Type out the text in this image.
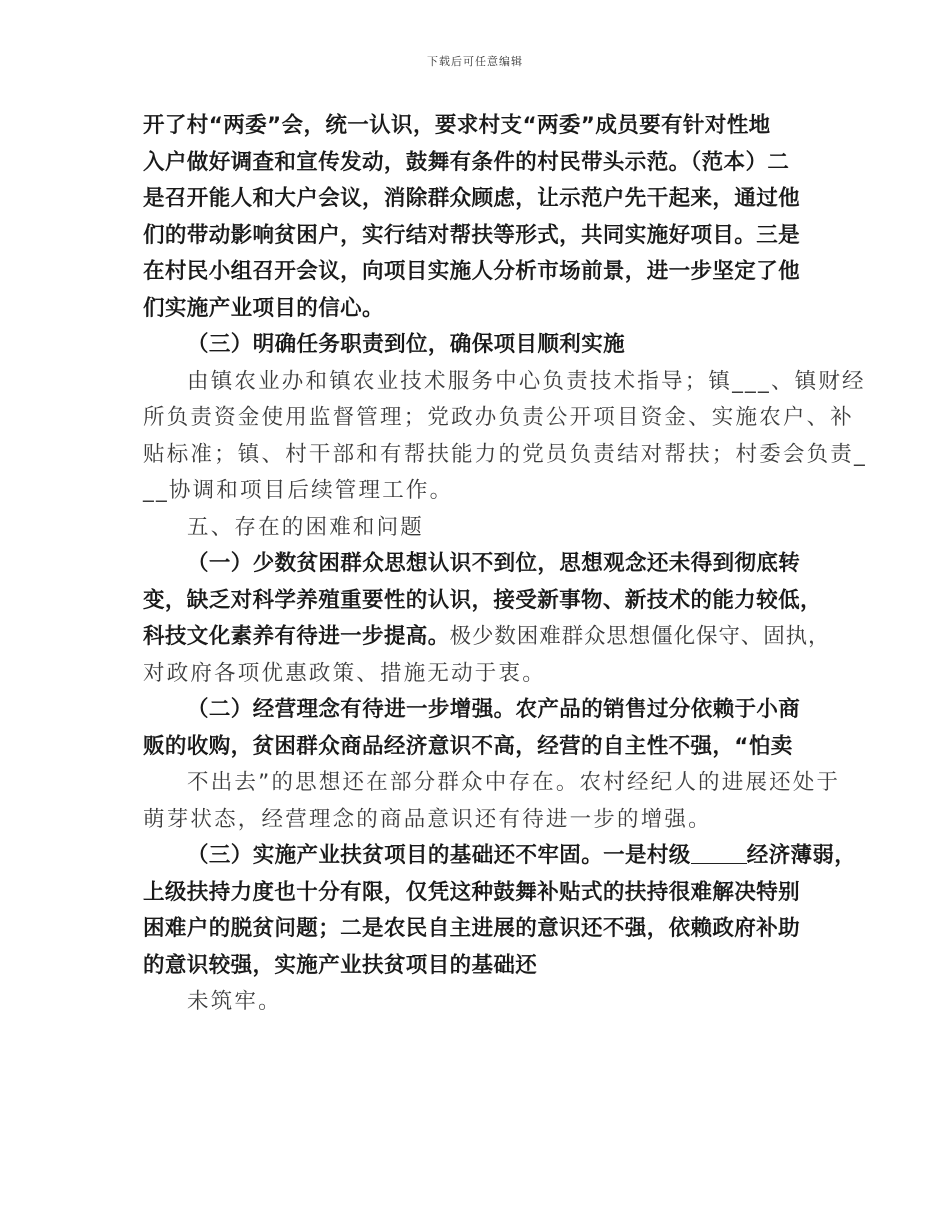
下载后可任意编辑
开了村“两委”会，统一认识，要求村支“两委”成员要有针对性地
入户做好调查和宣传发动，鼓舞有条件的村民带头示范。（范本）二
是召开能人和大户会议，消除群众顾虑，让示范户先干起来，通过他
们的带动影响贫困户，实行结对帮扶等形式，共同实施好项目。三是
在村民小组召开会议，向项目实施人分析市场前景，进一步坚定了他
们实施产业项目的信心。
（三）明确任务职责到位，确保项目顺利实施
由镇农业办和镇农业技术服务中心负责技术指导；镇___、镇财经
所负责资金使用监督管理；党政办负责公开项目资金、实施农户、补
贴标准；镇、村干部和有帮扶能力的党员负责结对帮扶；村委会负责_
__协调和项目后续管理工作。
五、存在的困难和问题
（一）少数贫困群众思想认识不到位，思想观念还未得到彻底转
变，缺乏对科学养殖重要性的认识，接受新事物、新技术的能力较低，
科技文化素养有待进一步提高。极少数困难群众思想僵化保守、固执，
对政府各项优惠政策、措施无动于衷。
（二）经营理念有待进一步增强。农产品的销售过分依赖于小商
贩的收购，贫困群众商品经济意识不高，经营的自主性不强，“怕卖
不出去”的思想还在部分群众中存在。农村经纪人的进展还处于
萌芽状态，经营理念的商品意识还有待进一步的增强。
（三）实施产业扶贫项目的基础还不牢固。一是村级	经济薄弱，
上级扶持力度也十分有限，仅凭这种鼓舞补贴式的扶持很难解决特别
困难户的脱贫问题；二是农民自主进展的意识还不强，依赖政府补助
的意识较强，实施产业扶贫项目的基础还
未筑牢。
